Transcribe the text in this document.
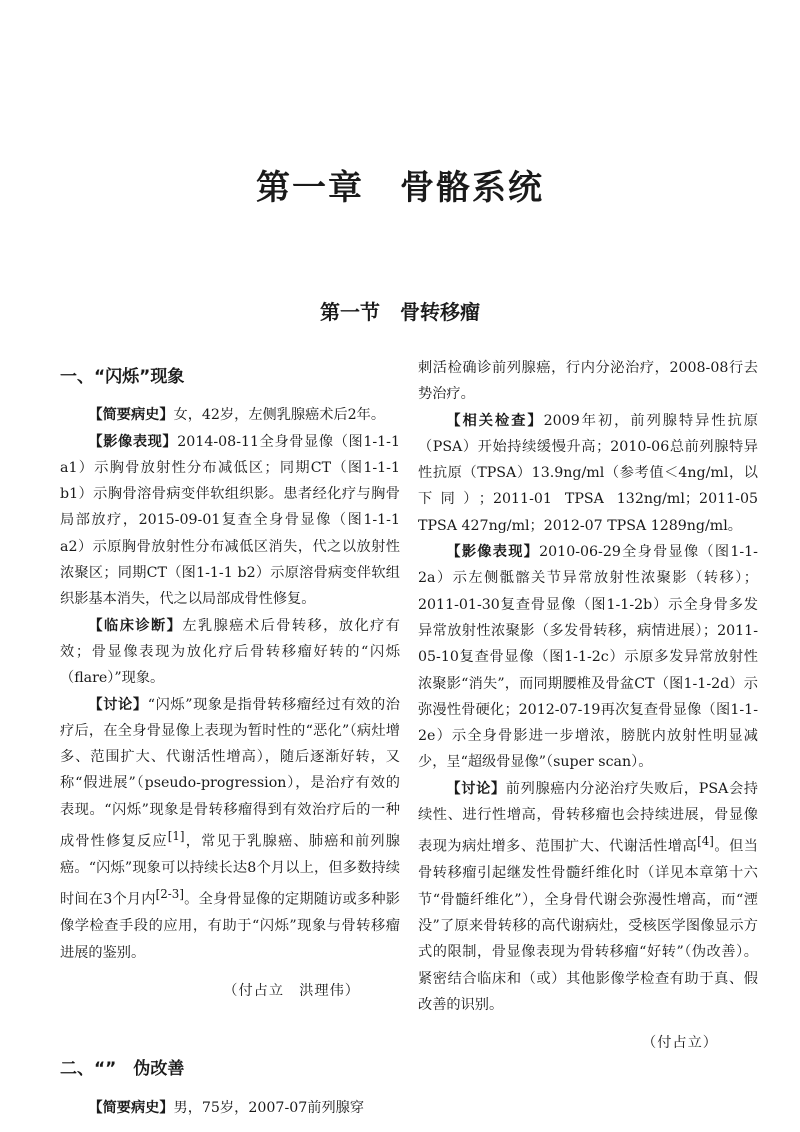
第一章　骨骼系统
第一节　骨转移瘤

一、“闪烁”现象

【简要病史】女，42岁，左侧乳腺癌术后2年。

【影像表现】2014-08-11全身骨显像（图1-1-1 a1）示胸骨放射性分布减低区；同期CT（图1-1-1 b1）示胸骨溶骨病变伴软组织影。患者经化疗与胸骨局部放疗，2015-09-01复查全身骨显像（图1-1-1 a2）示原胸骨放射性分布减低区消失，代之以放射性浓聚区；同期CT（图1-1-1 b2）示原溶骨病变伴软组织影基本消失，代之以局部成骨性修复。

【临床诊断】左乳腺癌术后骨转移，放化疗有效；骨显像表现为放化疗后骨转移瘤好转的“闪烁（flare）”现象。

【讨论】“闪烁”现象是指骨转移瘤经过有效的治疗后，在全身骨显像上表现为暂时性的“恶化”（病灶增多、范围扩大、代谢活性增高），随后逐渐好转，又称“假进展”（pseudo-progression），是治疗有效的表现。“闪烁”现象是骨转移瘤得到有效治疗后的一种成骨性修复反应[1]，常见于乳腺癌、肺癌和前列腺癌。“闪烁”现象可以持续长达8个月以上，但多数持续时间在3个月内[2-3]。全身骨显像的定期随访或多种影像学检查手段的应用，有助于“闪烁”现象与骨转移瘤进展的鉴别。

（付占立　洪理伟）

二、“”　伪改善

【简要病史】男，75岁，2007-07前列腺穿

刺活检确诊前列腺癌，行内分泌治疗，2008-08行去势治疗。

【相关检查】2009年初，前列腺特异性抗原（PSA）开始持续缓慢升高；2010-06总前列腺特异性抗原（TPSA）13.9ng/ml（参考值＜4ng/ml，以下同）；2011-01 TPSA 132ng/ml；2011-05 TPSA 427ng/ml；2012-07 TPSA 1289ng/ml。

【影像表现】2010-06-29全身骨显像（图1-1-2a）示左侧骶髂关节异常放射性浓聚影（转移）；2011-01-30复查骨显像（图1-1-2b）示全身骨多发异常放射性浓聚影（多发骨转移，病情进展）；2011-05-10复查骨显像（图1-1-2c）示原多发异常放射性浓聚影“消失”，而同期腰椎及骨盆CT（图1-1-2d）示弥漫性骨硬化；2012-07-19再次复查骨显像（图1-1-2e）示全身骨影进一步增浓，膀胱内放射性明显减少，呈“超级骨显像”（super scan）。

【讨论】前列腺癌内分泌治疗失败后，PSA会持续性、进行性增高，骨转移瘤也会持续进展，骨显像表现为病灶增多、范围扩大、代谢活性增高[4]。但当骨转移瘤引起继发性骨髓纤维化时（详见本章第十六节“骨髓纤维化”），全身骨代谢会弥漫性增高，而“湮没”了原来骨转移的高代谢病灶，受核医学图像显示方式的限制，骨显像表现为骨转移瘤“好转”（伪改善）。紧密结合临床和（或）其他影像学检查有助于真、假改善的识别。

（付占立）
